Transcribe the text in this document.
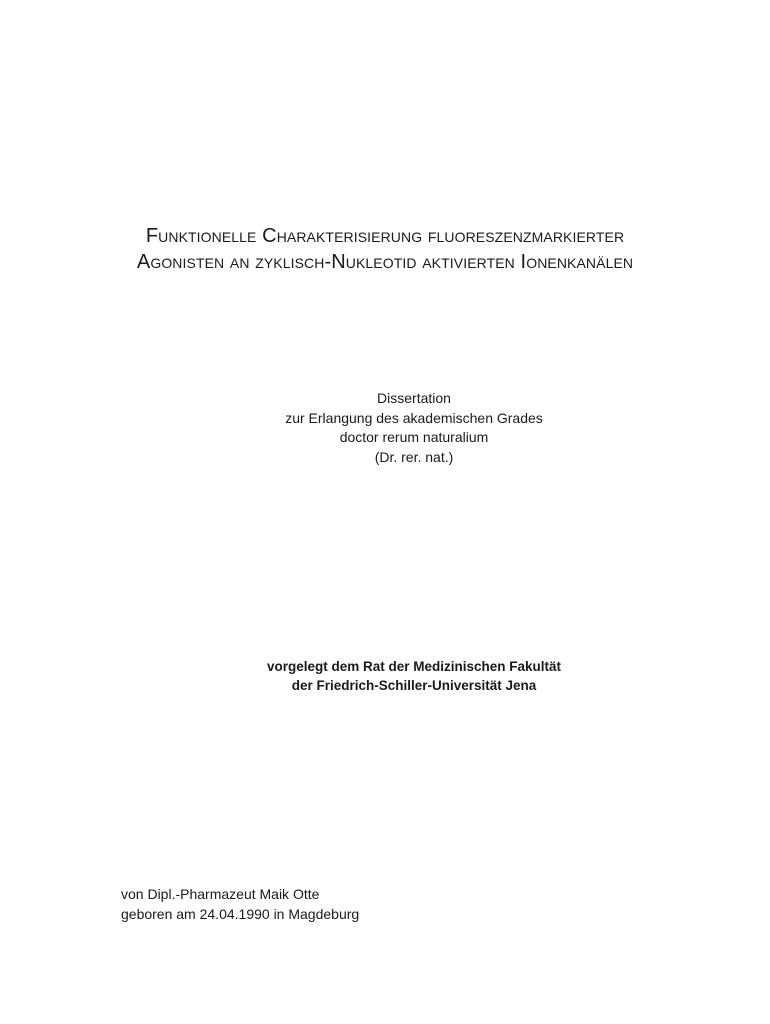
Funktionelle Charakterisierung fluoreszenzmarkierter
Agonisten an zyklisch-Nukleotid aktivierten Ionenkanälen
Dissertation
zur Erlangung des akademischen Grades
doctor rerum naturalium
(Dr. rer. nat.)
vorgelegt dem Rat der Medizinischen Fakultät
der Friedrich-Schiller-Universität Jena
von Dipl.-Pharmazeut Maik Otte
geboren am 24.04.1990 in Magdeburg
